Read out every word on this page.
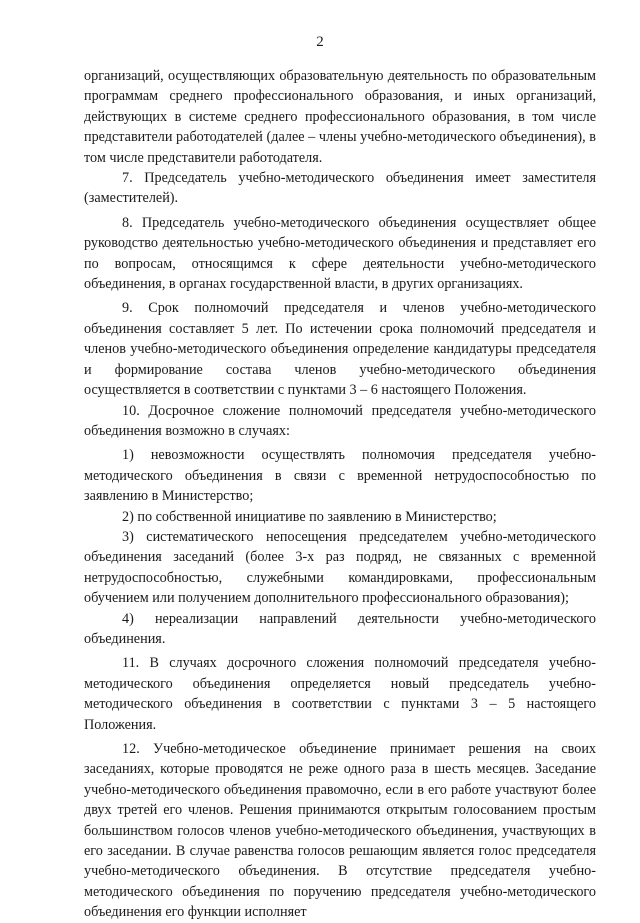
2

организаций, осуществляющих образовательную деятельность по образовательным программам среднего профессионального образования, и иных организаций, действующих в системе среднего профессионального образования, в том числе представители работодателей (далее – члены учебно-методического объединения), в том числе представители работодателя.

7. Председатель учебно-методического объединения имеет заместителя (заместителей).

8. Председатель учебно-методического объединения осуществляет общее руководство деятельностью учебно-методического объединения и представляет его по вопросам, относящимся к сфере деятельности учебно-методического объединения, в органах государственной власти, в других организациях.

9. Срок полномочий председателя и членов учебно-методического объединения составляет 5 лет. По истечении срока полномочий председателя и членов учебно-методического объединения определение кандидатуры председателя и формирование состава членов учебно-методического объединения осуществляется в соответствии с пунктами 3 – 6 настоящего Положения.

10. Досрочное сложение полномочий председателя учебно-методического объединения возможно в случаях:

1) невозможности осуществлять полномочия председателя учебно-методического объединения в связи с временной нетрудоспособностью по заявлению в Министерство;

2) по собственной инициативе по заявлению в Министерство;

3) систематического непосещения председателем учебно-методического объединения заседаний (более 3-х раз подряд, не связанных с временной нетрудоспособностью, служебными командировками, профессиональным обучением или получением дополнительного профессионального образования);

4) нереализации направлений деятельности учебно-методического объединения.

11. В случаях досрочного сложения полномочий председателя учебно-методического объединения определяется новый председатель учебно-методического объединения в соответствии с пунктами 3 – 5 настоящего Положения.

12. Учебно-методическое объединение принимает решения на своих заседаниях, которые проводятся не реже одного раза в шесть месяцев. Заседание учебно-методического объединения правомочно, если в его работе участвуют более двух третей его членов. Решения принимаются открытым голосованием простым большинством голосов членов учебно-методического объединения, участвующих в его заседании. В случае равенства голосов решающим является голос председателя учебно-методического объединения. В отсутствие председателя учебно-методического объединения по поручению председателя учебно-методического объединения его функции исполняет
